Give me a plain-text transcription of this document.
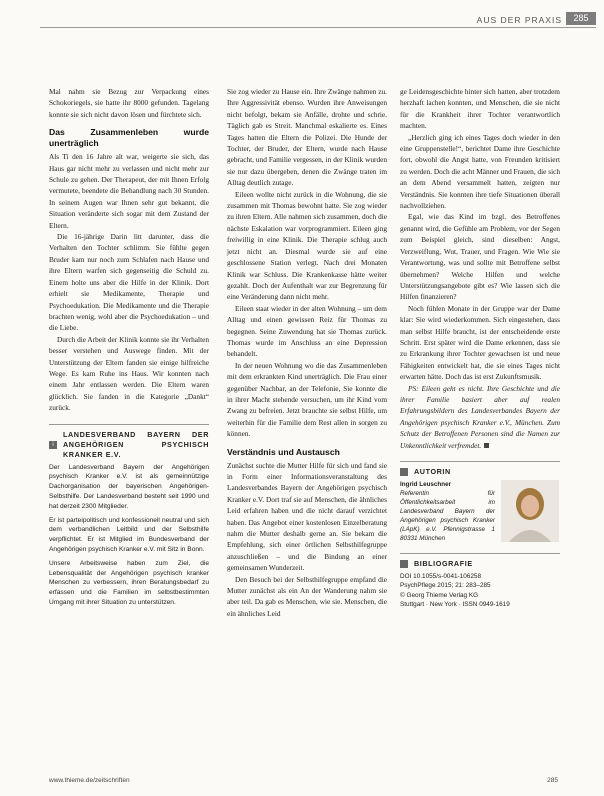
AUS DER PRAXIS	285

Mal nahm sie Bezug zur Verpackung eines Schokoriegels, sie hatte ihr 8000 gefunden. Tagelang konnte sie sich nicht davon lösen und fürchtete sich.

Das Zusammenleben wurde unerträglich

Als Ti den 16 Jahre alt war, weigerte sie sich, das Haus gar nicht mehr zu verlassen und nicht mehr zur Schule zu gehen. Der Therapeut, der mit Ihnen Erfolg vermutete, beendete die Behandlung nach 30 Stunden. In seinem Augen war Ihnen sehr gut bekannt, die Situation veränderte sich sogar mit dem Zustand der Eltern.

Die 16-jährige Darin litt darunter, dass die Verhalten den Tochter schlimm. Sie fühlte gegen Bruder kam nur noch zum Schlafen nach Hause und ihre Eltern warfen sich gegenseitig die Schuld zu. Einem holte uns aber die Hilfe in der Klinik. Dort erhielt sie Medikamente, Therapie und Psychoedukation. Die Medikamente und die Therapie brachten wenig, wohl aber die Psychoedukation – und die Liebe.

Durch die Arbeit der Klinik konnte sie ihr Verhalten besser verstehen und Auswege finden. Mit der Unterstützung der Eltern fanden sie einige hilfreiche Wege. Es kam Ruhe ins Haus. Wir konnten nach einem Jahr entlassen werden. Die Eltern waren glücklich. Sie fanden in die Kategorie „Dankt“ zurück.

i
LANDESVERBAND BAYERN DER ANGEHÖRIGEN PSYCHISCH KRANKER E.V.

Der Landesverband Bayern der Angehörigen psychisch Kranker e.V. ist als gemeinnützige Dachorganisation der bayerischen Angehörigen-Selbsthilfe. Der Landesverband besteht seit 1990 und hat derzeit 2300 Mitglieder.

Er ist parteipolitisch und konfessionell neutral und sich dem verbandlichen Leitbild und der Selbsthilfe verpflichtet. Er ist Mitglied im Bundesverband der Angehörigen psychisch Kranker e.V. mit Sitz in Bonn.

Unsere Arbeitsweise haben zum Ziel, die Lebensqualität der Angehörigen psychisch kranker Menschen zu verbessern, ihren Beratungsbedarf zu erfassen und die Familien im selbstbestimmten Umgang mit ihrer Situation zu unterstützen.

Sie zog wieder zu Hause ein. Ihre Zwänge nahmen zu. Ihre Aggressivität ebenso. Wurden ihre Anweisungen nicht befolgt, bekam sie Anfälle, drohte und schrie. Täglich gab es Streit. Manchmal eskalierte es. Eines Tages hatten die Eltern die Polizei. Die Hunde der Tochter, der Bruder, der Eltern, wurde nach Hause gebracht, und Familie vergessen, in der Klinik wurden sie nur dazu übergeben, denen die Zwänge traten im Alltag deutlich zutage.

Eileen wollte nicht zurück in die Wohnung, die sie zusammen mit Thomas bewohnt hatte. Sie zog wieder zu ihren Eltern. Alle nahmen sich zusammen, doch die nächste Eskalation war vorprogrammiert. Eileen ging freiwillig in eine Klinik. Die Therapie schlug auch jetzt nicht an. Diesmal wurde sie auf eine geschlossene Station verlegt. Nach drei Monaten Klinik war Schluss. Die Krankenkasse hätte weiter gezahlt. Doch der Aufenthalt war zur Begrenzung für eine Veränderung dann nicht mehr.

Eileen staat wieder in der alten Wohnung – um dem Alltag und einen gewissen Reiz für Thomas zu begegnen. Seine Zuwendung hat sie Thomas zurück. Thomas wurde im Anschluss an eine Depression behandelt.

In der neuen Wohnung wo die das Zusammenleben mit dem erkrankten Kind unerträglich. Die Frau einer gegenüber Nachbar, an der Telefonie, Sie konnte die in ihrer Macht stehende versuchen, um ihr Kind vom Zwang zu befreien. Jetzt brauchte sie selbst Hilfe, um weiterhin für die Familie dem Rest allen in sorgen zu können.

Verständnis und Austausch

Zunächst suchte die Mutter Hilfe für sich und fand sie in Form einer Informationsveranstaltung des Landesverbandes Bayern der Angehörigen psychisch Kranker e.V. Dort traf sie auf Menschen, die ähnliches Leid erfahren haben und die nicht darauf verzichtet haben. Das Angebot einer kostenlosen Einzelberatung nahm die Mutter deshalb gerne an. Sie bekam die Empfehlung, sich einer örtlichen Selbsthilfegruppe anzuschließen – und die Bindung an einer gemeinsamen Wunderzeit.

Den Besuch bei der Selbsthilfegruppe empfand die Mutter zunächst als ein An der Wanderung nahm sie aber teil. Da gab es Menschen, wie sie. Menschen, die ein ähnliches Leid

ge Leidensgeschichte hinter sich hatten, aber trotzdem herzhaft lachen konnten, und Menschen, die sie nicht für die Krankheit ihrer Tochter verantwortlich machten.

„Herzlich ging ich eines Tages doch wieder in den eine Gruppenstelle!“, berichtet Dame ihre Geschichte fort, obwohl die Angst hatte, von Freunden kritisiert zu werden. Doch die acht Männer und Frauen, die sich an dem Abend versammelt hatten, zeigten nur Verständnis. Sie konnten ihre tiefe Situationen überall nachvollziehen.

Egal, wie das Kind im bzgl. des Betroffenes genannt wird, die Gefühle am Problem, vor der Segen zum Beispiel gleich, sind dieselben: Angst, Verzweiflung, Wut, Trauer, und Fragen. Wie Wie sie Verantwortung, was und sollte mit Betroffene selbst übernehmen? Welche Hilfen und welche Unterstützungsangebote gibt es? Wie lassen sich die Hilfen finanzieren?

Noch fühlen Monate in der Gruppe war der Dame klar: Sie wird wiederkommen. Sich eingestehen, dass man selbst Hilfe braucht, ist der entscheidende erste Schritt. Erst später wird die Dame erkennen, dass sie zu Erkrankung ihrer Tochter gewachsen ist und neue Fähigkeiten entwickelt hat, die sie eines Tages nicht erwarten hätte. Doch das ist erst Zukunftsmusik.

PS: Eileen geht es nicht. Ihre Geschichte und die ihrer Familie basiert aber auf realen Erfahrungsbildern des Landesverbandes Bayern der Angehörigen psychisch Kranker e.V., München. Zum Schutz der Betroffenen Personen sind die Namen zur Unkenntlichkeit verfremdet.

AUTORIN
Ingrid Leuschner
Referentin für Öffentlichkeitsarbeit im Landesverband Bayern der Angehörigen psychisch Kranker (LApK) e.V. Pfennigstrasse 1 80331 München
BIBLIOGRAFIE
DOI 10.1055/s-0041-106258
PsychPflege 2015; 21: 283–285
© Georg Thieme Verlag KG
Stuttgart · New York · ISSN 0949-1619
www.thieme.de/zeitschriften	285
